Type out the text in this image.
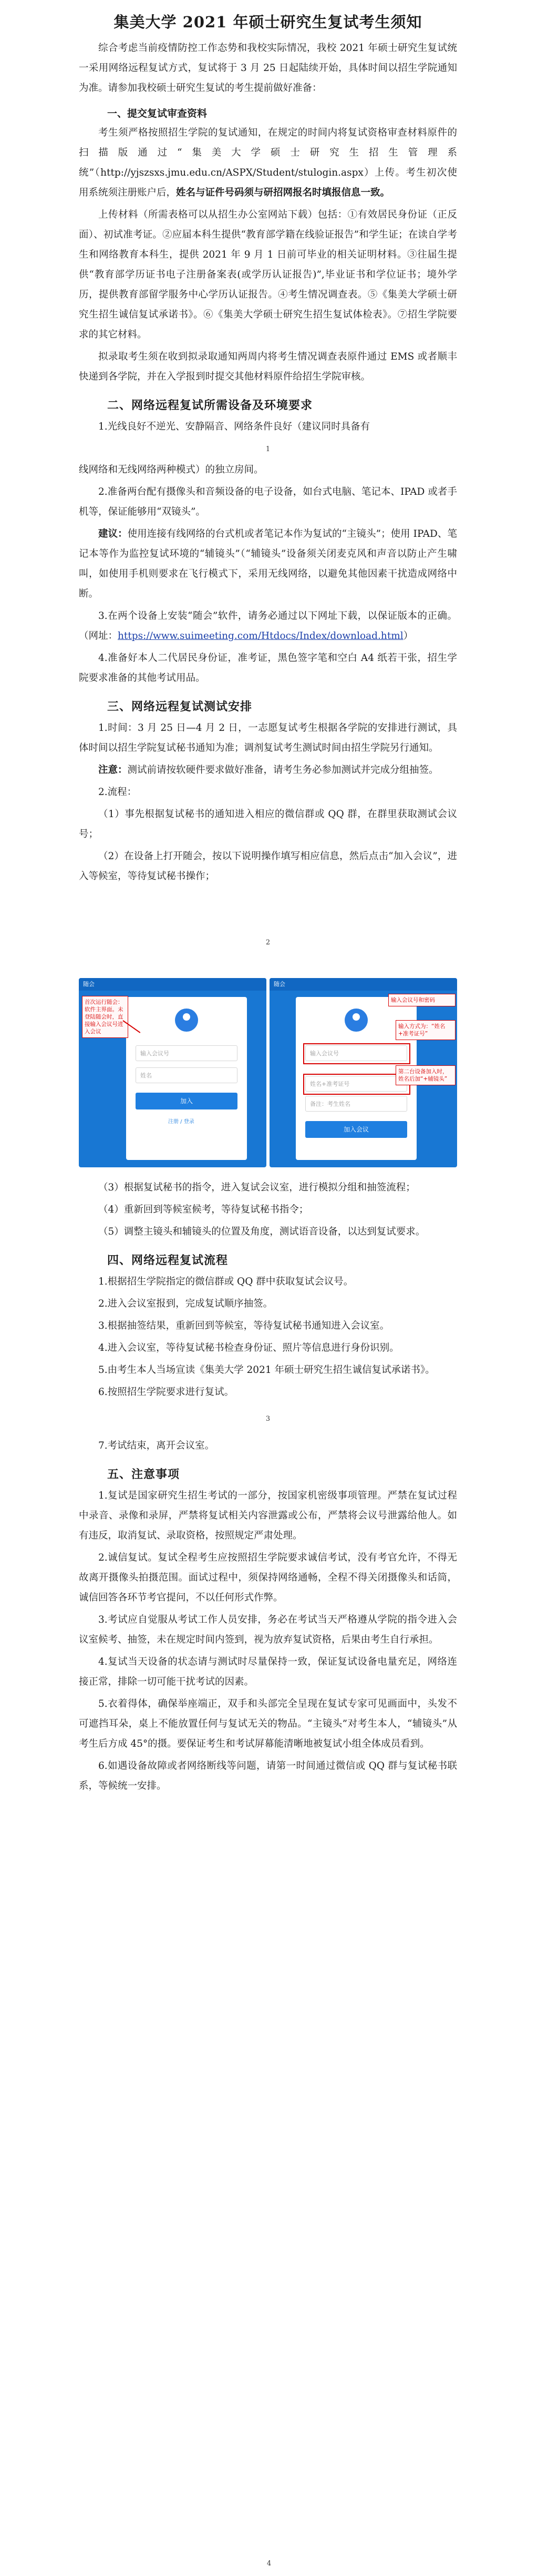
集美大学 2021 年硕士研究生复试考生须知

综合考虑当前疫情防控工作态势和我校实际情况，我校 2021 年硕士研究生复试统一采用网络远程复试方式，复试将于 3 月 25 日起陆续开始，具体时间以招生学院通知为准。请参加我校硕士研究生复试的考生提前做好准备：

一、提交复试审查资料

考生须严格按照招生学院的复试通知，在规定的时间内将复试资格审查材料原件的扫描版通过“集美大学硕士研究生招生管理系统”（http://yjszsxs.jmu.edu.cn/ASPX/Student/stulogin.aspx）上传。考生初次使用系统须注册账户后，姓名与证件号码须与研招网报名时填报信息一致。

上传材料（所需表格可以从招生办公室网站下载）包括：①有效居民身份证（正反面）、初试准考证。②应届本科生提供“教育部学籍在线验证报告”和学生证；在读自学考生和网络教育本科生，提供 2021 年 9 月 1 日前可毕业的相关证明材料。③往届生提供“教育部学历证书电子注册备案表(或学历认证报告)”,毕业证书和学位证书；境外学历，提供教育部留学服务中心学历认证报告。④考生情况调查表。⑤《集美大学硕士研究生招生诚信复试承诺书》。⑥《集美大学硕士研究生招生复试体检表》。⑦招生学院要求的其它材料。

拟录取考生须在收到拟录取通知两周内将考生情况调查表原件通过 EMS 或者顺丰快递到各学院，并在入学报到时提交其他材料原件给招生学院审核。

二、网络远程复试所需设备及环境要求

1.光线良好不逆光、安静隔音、网络条件良好（建议同时具备有

1

线网络和无线网络两种模式）的独立房间。

2.准备两台配有摄像头和音频设备的电子设备，如台式电脑、笔记本、IPAD 或者手机等，保证能够用“双镜头”。

建议：使用连接有线网络的台式机或者笔记本作为复试的“主镜头”；使用 IPAD、笔记本等作为监控复试环境的“辅镜头”（“辅镜头”设备须关闭麦克风和声音以防止产生啸叫，如使用手机则要求在飞行模式下，采用无线网络，以避免其他因素干扰造成网络中断。

3.在两个设备上安装“随会”软件，请务必通过以下网址下载，以保证版本的正确。（网址：https://www.suimeeting.com/Htdocs/Index/download.html）

4.准备好本人二代居民身份证，准考证，黑色签字笔和空白 A4 纸若干张，招生学院要求准备的其他考试用品。

三、网络远程复试测试安排

1.时间：3 月 25 日—4 月 2 日，一志愿复试考生根据各学院的安排进行测试，具体时间以招生学院复试秘书通知为准；调剂复试考生测试时间由招生学院另行通知。

注意：测试前请按软硬件要求做好准备，请考生务必参加测试并完成分组抽签。

2.流程：

（1）事先根据复试秘书的通知进入相应的微信群或 QQ 群，在群里获取测试会议号；

（2）在设备上打开随会，按以下说明操作填写相应信息，然后点击“加入会议”，进入等候室，等待复试秘书操作；

2
随会
输入会议号
姓名
加入
注册 / 登录
首次运行随会：软件主界面。未登陆随会时，直接输入会议号进入会议
随会
输入会议号
姓名+准考证号
备注：考生姓名
加入会议
输入会议号和密码
输入方式为：“姓名+准考证号”
第二台设备加入时，姓名后加“+辅镜头”

（3）根据复试秘书的指令，进入复试会议室，进行模拟分组和抽签流程；

（4）重新回到等候室候考，等待复试秘书指令；

（5）调整主镜头和辅镜头的位置及角度，测试语音设备，以达到复试要求。

四、网络远程复试流程

1.根据招生学院指定的微信群或 QQ 群中获取复试会议号。

2.进入会议室报到，完成复试顺序抽签。

3.根据抽签结果，重新回到等候室，等待复试秘书通知进入会议室。

4.进入会议室，等待复试秘书检查身份证、照片等信息进行身份识别。

5.由考生本人当场宣读《集美大学 2021 年硕士研究生招生诚信复试承诺书》。

6.按照招生学院要求进行复试。

3

7.考试结束，离开会议室。

五、注意事项

1.复试是国家研究生招生考试的一部分，按国家机密级事项管理。严禁在复试过程中录音、录像和录屏，严禁将复试相关内容泄露或公布，严禁将会议号泄露给他人。如有违反，取消复试、录取资格，按照规定严肃处理。

2.诚信复试。复试全程考生应按照招生学院要求诚信考试，没有考官允许，不得无故离开摄像头拍摄范围。面试过程中，须保持网络通畅，全程不得关闭摄像头和话筒，诚信回答各环节考官提问，不以任何形式作弊。

3.考试应自觉服从考试工作人员安排，务必在考试当天严格遵从学院的指令进入会议室候考、抽签，未在规定时间内签到，视为放弃复试资格，后果由考生自行承担。

4.复试当天设备的状态请与测试时尽量保持一致，保证复试设备电量充足，网络连接正常，排除一切可能干扰考试的因素。

5.衣着得体，确保举座端正，双手和头部完全呈现在复试专家可见画面中，头发不可遮挡耳朵，桌上不能放置任何与复试无关的物品。“主镜头”对考生本人，“辅镜头”从考生后方成 45°的摄。要保证考生和考试屏幕能清晰地被复试小组全体成员看到。

6.如遇设备故障或者网络断线等问题，请第一时间通过微信或 QQ 群与复试秘书联系，等候统一安排。

4
